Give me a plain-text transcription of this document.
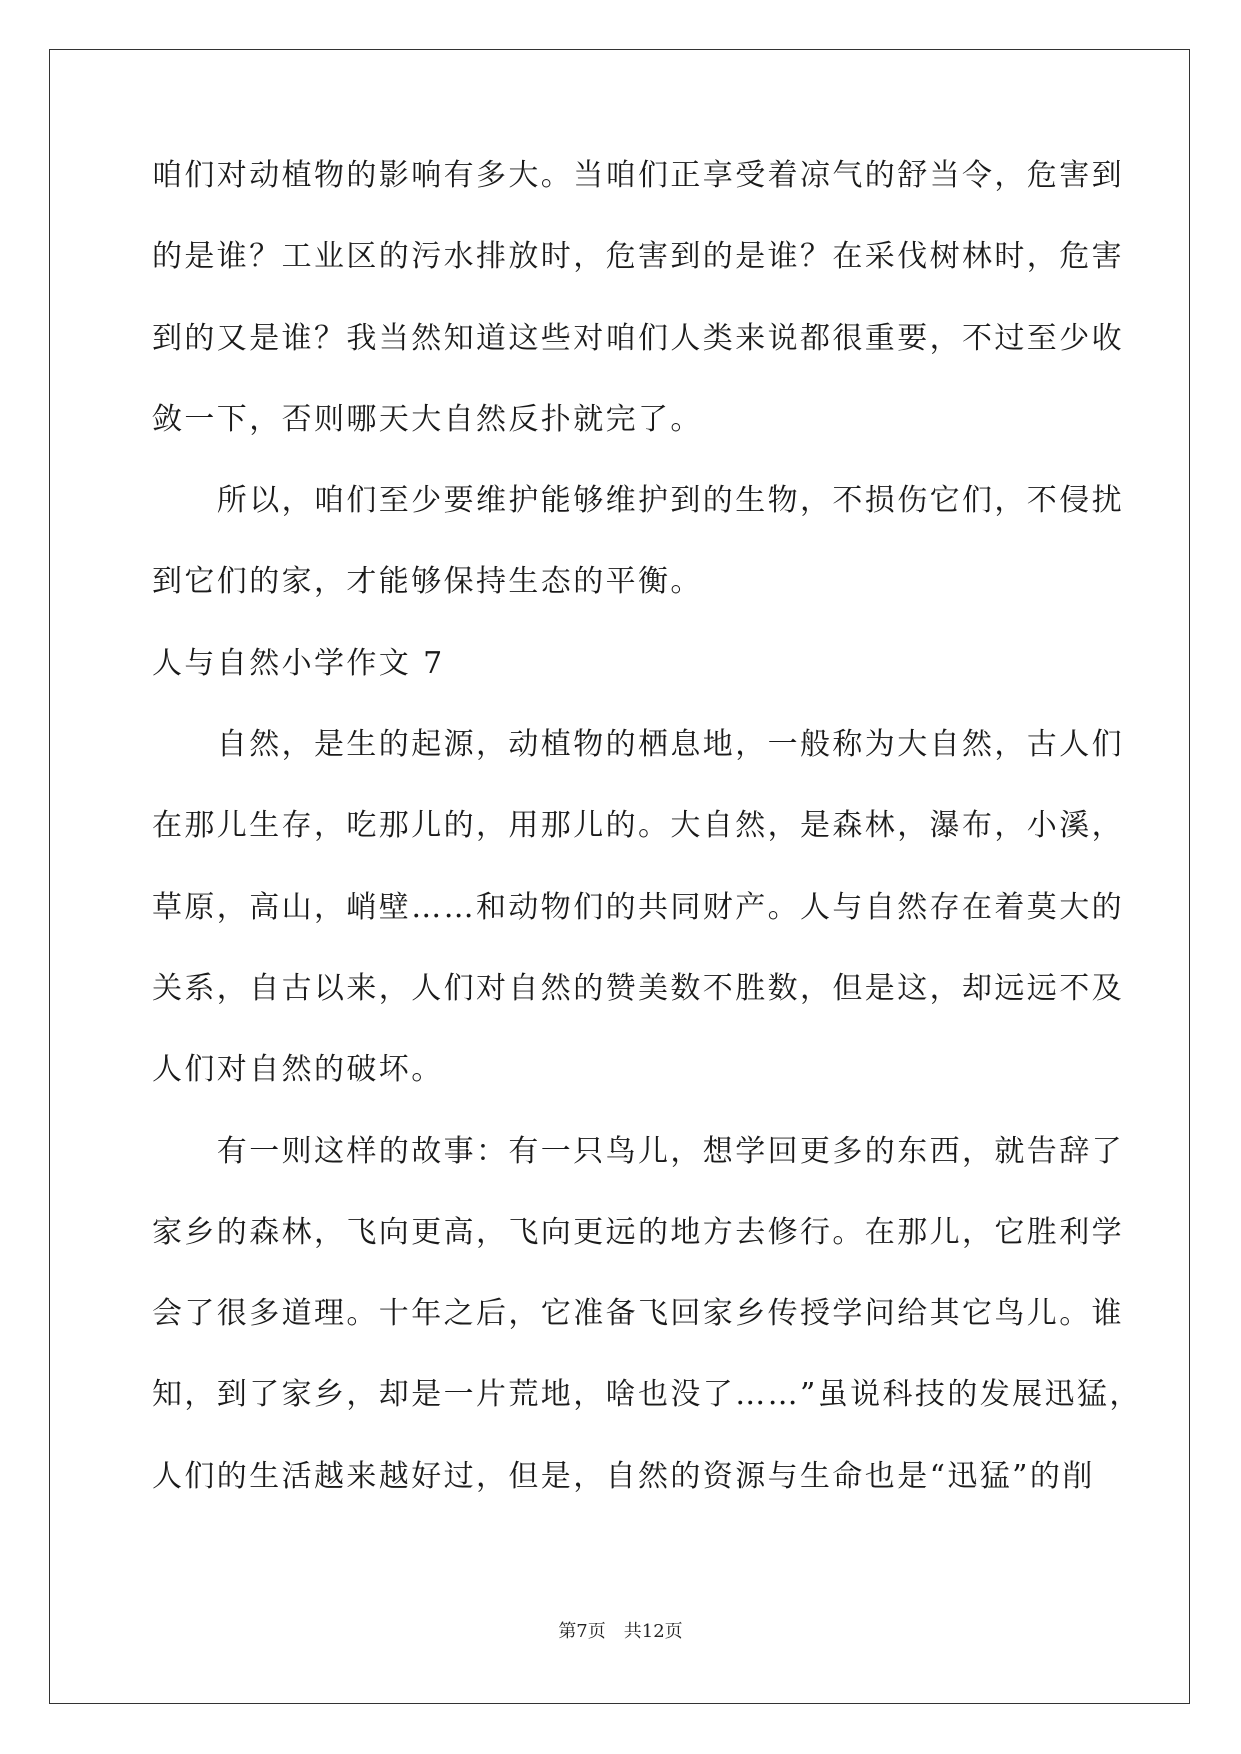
咱们对动植物的影响有多大。当咱们正享受着凉气的舒当令，危害到
的是谁？工业区的污水排放时，危害到的是谁？在采伐树林时，危害
到的又是谁？我当然知道这些对咱们人类来说都很重要，不过至少收
敛一下，否则哪天大自然反扑就完了。
　　所以，咱们至少要维护能够维护到的生物，不损伤它们，不侵扰
到它们的家，才能够保持生态的平衡。
人与自然小学作文 7
　　自然，是生的起源，动植物的栖息地，一般称为大自然，古人们
在那儿生存，吃那儿的，用那儿的。大自然，是森林，瀑布，小溪，
草原，高山，峭壁……和动物们的共同财产。人与自然存在着莫大的
关系，自古以来，人们对自然的赞美数不胜数，但是这，却远远不及
人们对自然的破坏。
　　有一则这样的故事：有一只鸟儿，想学回更多的东西，就告辞了
家乡的森林，飞向更高，飞向更远的地方去修行。在那儿，它胜利学
会了很多道理。十年之后，它准备飞回家乡传授学问给其它鸟儿。谁
知，到了家乡，却是一片荒地，啥也没了……”虽说科技的发展迅猛，
人们的生活越来越好过，但是，自然的资源与生命也是“迅猛”的削
第7页 共12页
